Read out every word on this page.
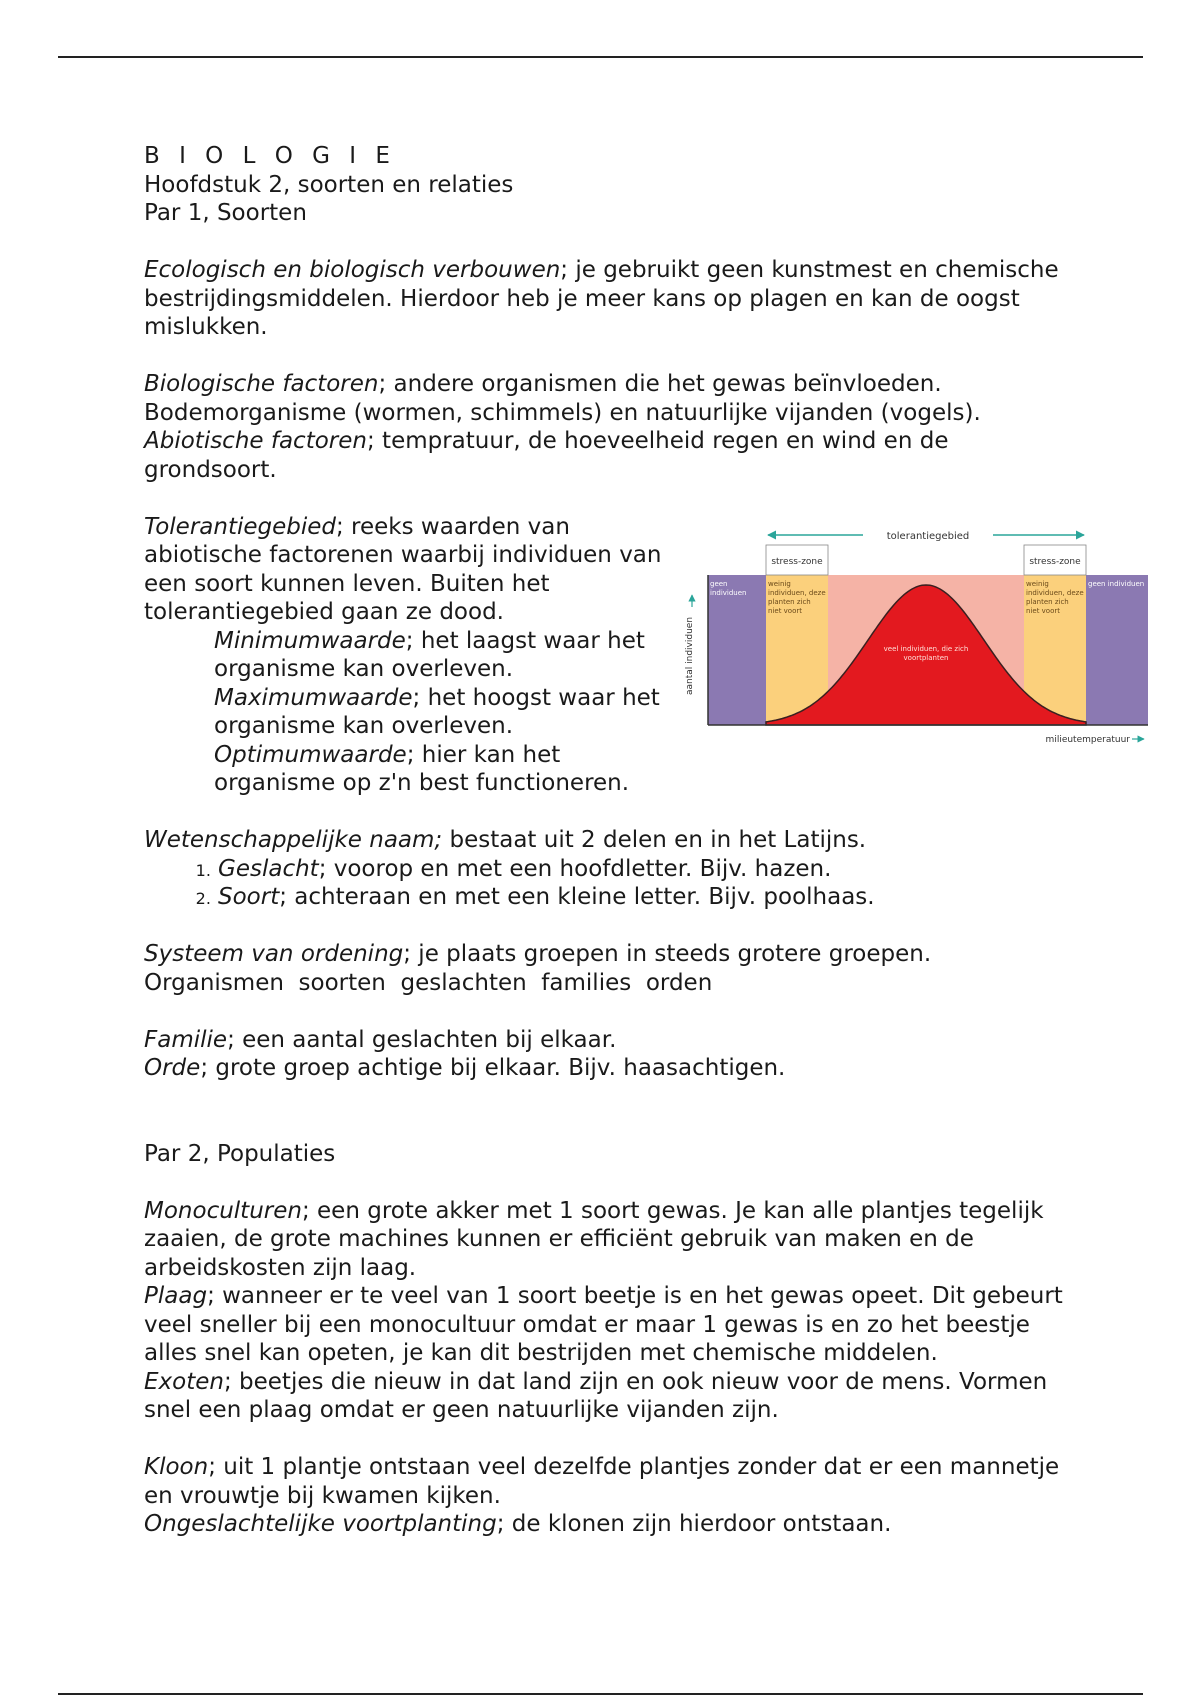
B I O L O G I E

Hoofdstuk 2, soorten en relaties

Par 1, Soorten

Ecologisch en biologisch verbouwen; je gebruikt geen kunstmest en chemische bestrijdingsmiddelen. Hierdoor heb je meer kans op plagen en kan de oogst mislukken.

Biologische factoren; andere organismen die het gewas beïnvloeden. Bodemorganisme (wormen, schimmels) en natuurlijke vijanden (vogels).

Abiotische factoren; tempratuur, de hoeveelheid regen en wind en de grondsoort.

Tolerantiegebied; reeks waarden van abiotische factorenen waarbij individuen van een soort kunnen leven. Buiten het tolerantiegebied gaan ze dood.

Minimumwaarde; het laagst waar het organisme kan overleven.

Maximumwaarde; het hoogst waar het organisme kan overleven.

Optimumwaarde; hier kan het organisme op z'n best functioneren.

Wetenschappelijke naam; bestaat uit 2 delen en in het Latijns.

1. Geslacht; voorop en met een hoofdletter. Bijv. hazen.
2. Soort; achteraan en met een kleine letter. Bijv. poolhaas.

Systeem van ordening; je plaats groepen in steeds grotere groepen.

Organismen  soorten  geslachten  families  orden

Familie; een aantal geslachten bij elkaar.

Orde; grote groep achtige bij elkaar. Bijv. haasachtigen.

Par 2, Populaties

Monoculturen; een grote akker met 1 soort gewas. Je kan alle plantjes tegelijk zaaien, de grote machines kunnen er efficiënt gebruik van maken en de arbeidskosten zijn laag.

Plaag; wanneer er te veel van 1 soort beetje is en het gewas opeet. Dit gebeurt veel sneller bij een monocultuur omdat er maar 1 gewas is en zo het beestje alles snel kan opeten, je kan dit bestrijden met chemische middelen.

Exoten; beetjes die nieuw in dat land zijn en ook nieuw voor de mens. Vormen snel een plaag omdat er geen natuurlijke vijanden zijn.

Kloon; uit 1 plantje ontstaan veel dezelfde plantjes zonder dat er een mannetje en vrouwtje bij kwamen kijken.

Ongeslachtelijke voortplanting; de klonen zijn hierdoor ontstaan.

tolerantiegebied
stress-zone	stress-zone
geen individuen
weinig individuen, deze planten zich niet voort
veel individuen, die zich voortplanten
weinig individuen, deze planten zich niet voort
geen individuen
aantal individuen
milieutemperatuur
